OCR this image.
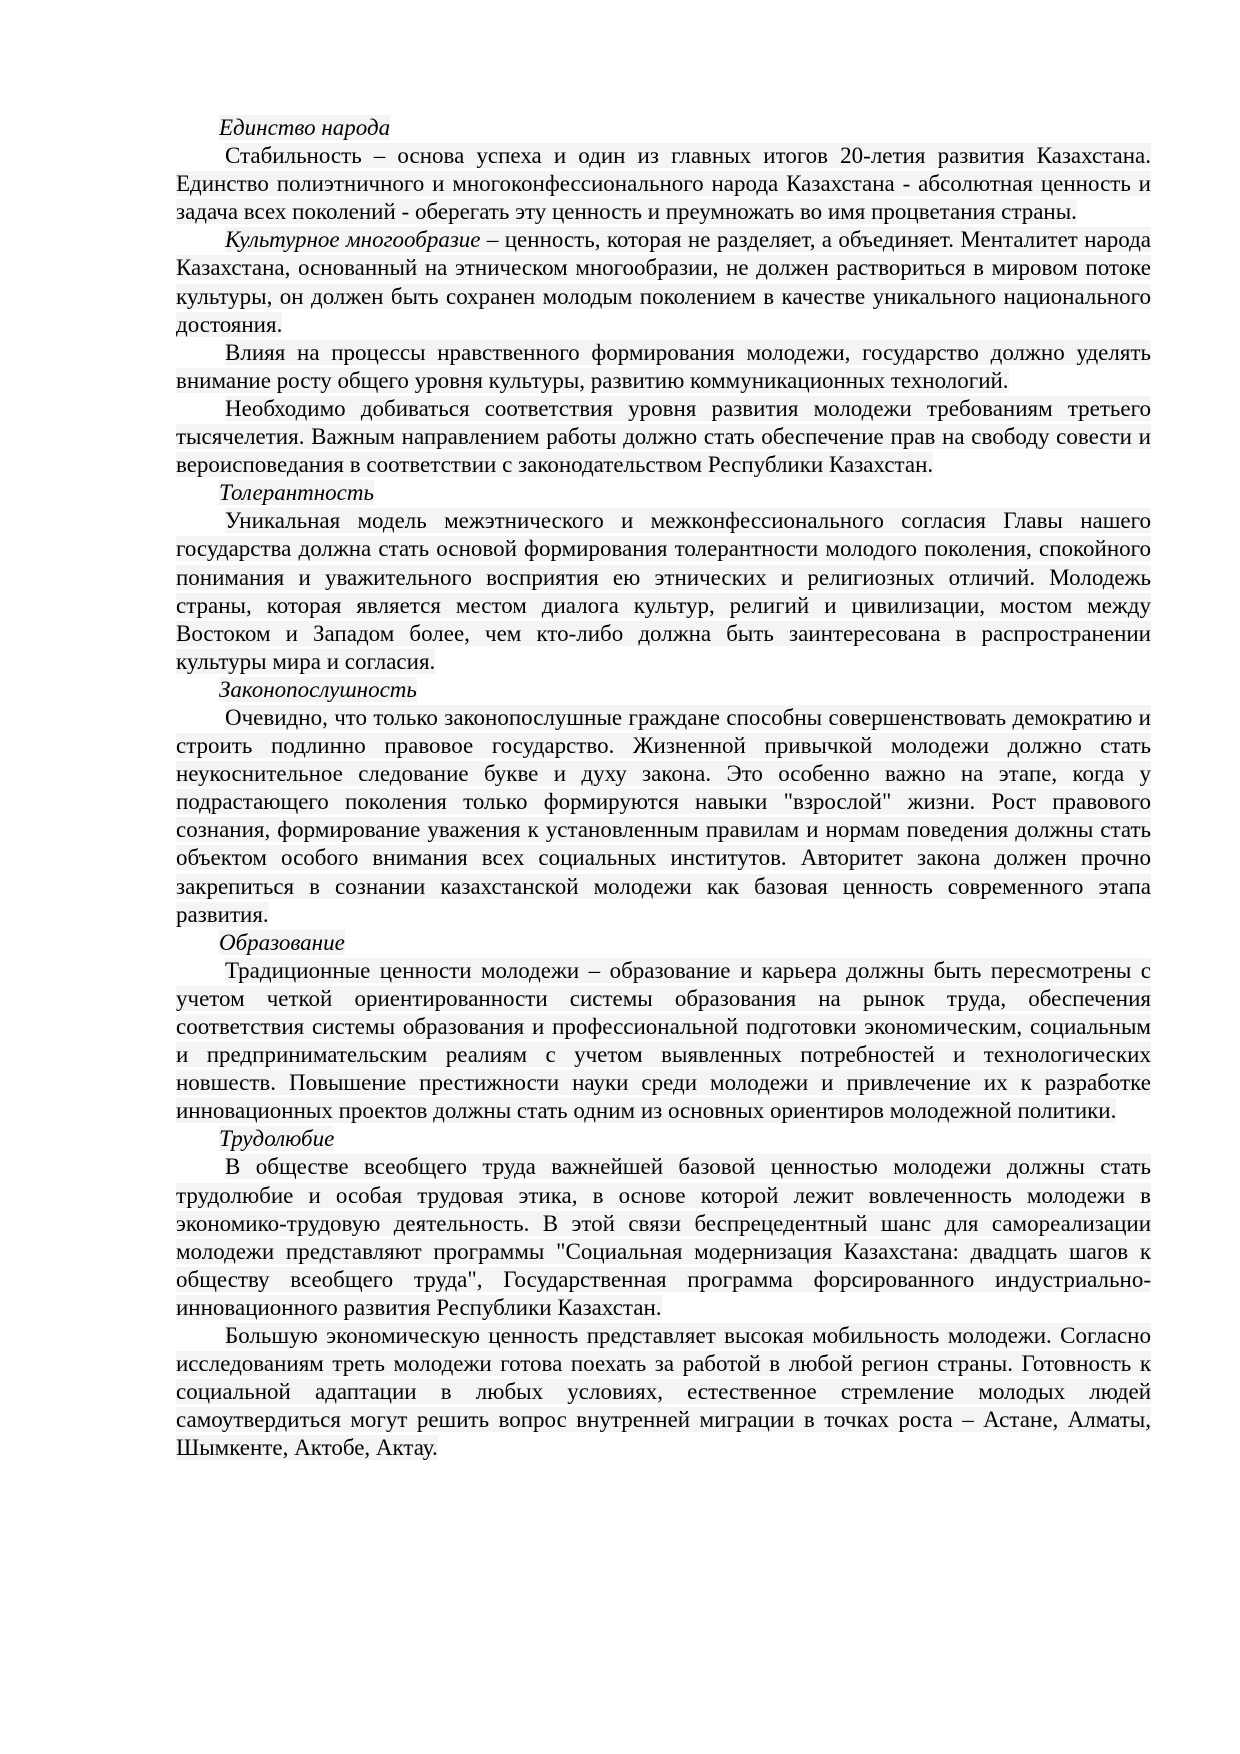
Единство народа

Стабильность – основа успеха и один из главных итогов 20-летия развития Казахстана. Единство полиэтничного и многоконфессионального народа Казахстана - абсолютная ценность и задача всех поколений - оберегать эту ценность и преумножать во имя процветания страны.

Культурное многообразие – ценность, которая не разделяет, а объединяет. Менталитет народа Казахстана, основанный на этническом многообразии, не должен раствориться в мировом потоке культуры, он должен быть сохранен молодым поколением в качестве уникального национального достояния.

Влияя на процессы нравственного формирования молодежи, государство должно уделять внимание росту общего уровня культуры, развитию коммуникационных технологий.

Необходимо добиваться соответствия уровня развития молодежи требованиям третьего тысячелетия. Важным направлением работы должно стать обеспечение прав на свободу совести и вероисповедания в соответствии с законодательством Республики Казахстан.

Толерантность

Уникальная модель межэтнического и межконфессионального согласия Главы нашего государства должна стать основой формирования толерантности молодого поколения, спокойного понимания и уважительного восприятия ею этнических и религиозных отличий. Молодежь страны, которая является местом диалога культур, религий и цивилизации, мостом между Востоком и Западом более, чем кто-либо должна быть заинтересована в распространении культуры мира и согласия.

Законопослушность

Очевидно, что только законопослушные граждане способны совершенствовать демократию и строить подлинно правовое государство. Жизненной привычкой молодежи должно стать неукоснительное следование букве и духу закона. Это особенно важно на этапе, когда у подрастающего поколения только формируются навыки "взрослой" жизни. Рост правового сознания, формирование уважения к установленным правилам и нормам поведения должны стать объектом особого внимания всех социальных институтов. Авторитет закона должен прочно закрепиться в сознании казахстанской молодежи как базовая ценность современного этапа развития.

Образование

Традиционные ценности молодежи – образование и карьера должны быть пересмотрены с учетом четкой ориентированности системы образования на рынок труда, обеспечения соответствия системы образования и профессиональной подготовки экономическим, социальным и предпринимательским реалиям с учетом выявленных потребностей и технологических новшеств. Повышение престижности науки среди молодежи и привлечение их к разработке инновационных проектов должны стать одним из основных ориентиров молодежной политики.

Трудолюбие

В обществе всеобщего труда важнейшей базовой ценностью молодежи должны стать трудолюбие и особая трудовая этика, в основе которой лежит вовлеченность молодежи в экономико-трудовую деятельность. В этой связи беспрецедентный шанс для самореализации молодежи представляют программы "Социальная модернизация Казахстана: двадцать шагов к обществу всеобщего труда", Государственная программа форсированного индустриально-инновационного развития Республики Казахстан.

Большую экономическую ценность представляет высокая мобильность молодежи. Согласно исследованиям треть молодежи готова поехать за работой в любой регион страны. Готовность к социальной адаптации в любых условиях, естественное стремление молодых людей самоутвердиться могут решить вопрос внутренней миграции в точках роста – Астане, Алматы, Шымкенте, Актобе, Актау.
